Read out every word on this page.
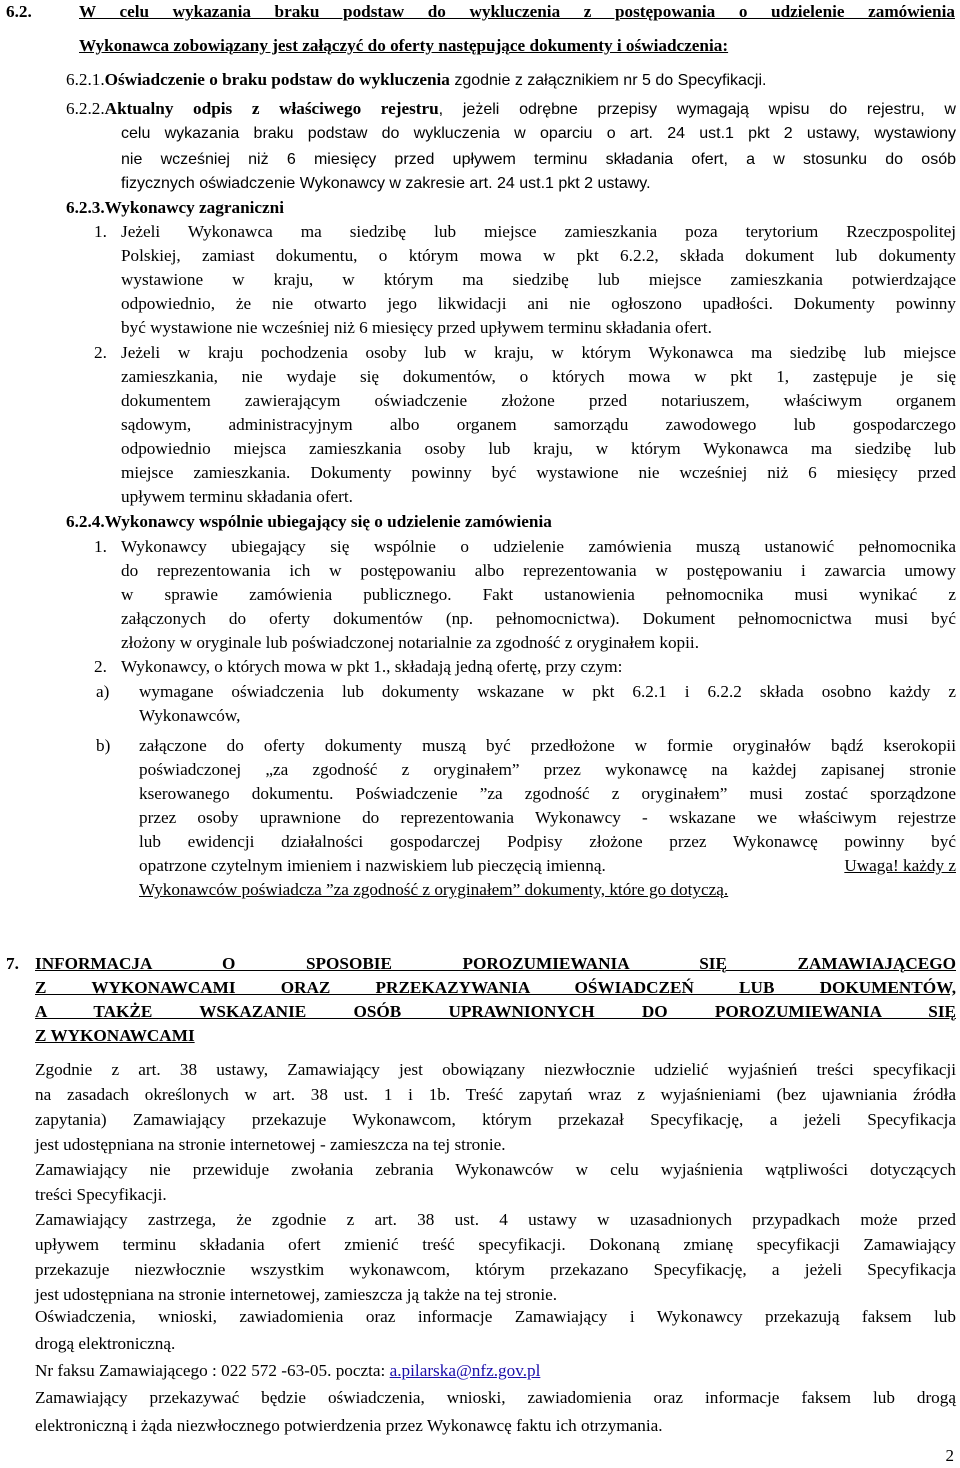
6.2.	W celu wykazania braku podstaw do wykluczenia z postępowania o udzielenie zamówienia
Wykonawca zobowiązany jest załączyć do oferty następujące dokumenty i oświadczenia:
6.2.1.Oświadczenie o braku podstaw do wykluczenia zgodnie z załącznikiem nr 5 do Specyfikacji.
6.2.2.Aktualny odpis z właściwego rejestru, jeżeli odrębne przepisy wymagają wpisu do rejestru, w
celu wykazania braku podstaw do wykluczenia w oparciu o art. 24 ust.1 pkt 2 ustawy, wystawiony
nie wcześniej niż 6 miesięcy przed upływem terminu składania ofert, a w stosunku do osób
fizycznych oświadczenie Wykonawcy w zakresie art. 24 ust.1 pkt 2 ustawy.
6.2.3.Wykonawcy zagraniczni
1. Jeżeli Wykonawca ma siedzibę lub miejsce zamieszkania poza terytorium Rzeczpospolitej
Polskiej, zamiast dokumentu, o którym mowa w pkt 6.2.2, składa dokument lub dokumenty
wystawione w kraju, w którym ma siedzibę lub miejsce zamieszkania potwierdzające
odpowiednio, że nie otwarto jego likwidacji ani nie ogłoszono upadłości. Dokumenty powinny
być wystawione nie wcześniej niż 6 miesięcy przed upływem terminu składania ofert.
2. Jeżeli w kraju pochodzenia osoby lub w kraju, w którym Wykonawca ma siedzibę lub miejsce
zamieszkania, nie wydaje się dokumentów, o których mowa w pkt 1, zastępuje je się
dokumentem zawierającym oświadczenie złożone przed notariuszem, właściwym organem
sądowym, administracyjnym albo organem samorządu zawodowego lub gospodarczego
odpowiednio miejsca zamieszkania osoby lub kraju, w którym Wykonawca ma siedzibę lub
miejsce zamieszkania. Dokumenty powinny być wystawione nie wcześniej niż 6 miesięcy przed
upływem terminu składania ofert.
6.2.4.Wykonawcy wspólnie ubiegający się o udzielenie zamówienia
1. Wykonawcy ubiegający się wspólnie o udzielenie zamówienia muszą ustanowić pełnomocnika
do reprezentowania ich w postępowaniu albo reprezentowania w postępowaniu i zawarcia umowy
w sprawie zamówienia publicznego. Fakt ustanowienia pełnomocnika musi wynikać z
załączonych do oferty dokumentów (np. pełnomocnictwa). Dokument pełnomocnictwa musi być
złożony w oryginale lub poświadczonej notarialnie za zgodność z oryginałem kopii.
2. Wykonawcy, o których mowa w pkt 1., składają jedną ofertę, przy czym:
a) wymagane oświadczenia lub dokumenty wskazane w pkt 6.2.1 i 6.2.2 składa osobno każdy z
Wykonawców,
b) załączone do oferty dokumenty muszą być przedłożone w formie oryginałów bądź kserokopii
poświadczonej „za zgodność z oryginałem” przez wykonawcę na każdej zapisanej stronie
kserowanego dokumentu. Poświadczenie ”za zgodność z oryginałem” musi zostać sporządzone
przez osoby uprawnione do reprezentowania Wykonawcy - wskazane we właściwym rejestrze
lub ewidencji działalności gospodarczej Podpisy złożone przez Wykonawcę powinny być
opatrzone czytelnym imieniem i nazwiskiem lub pieczęcią imienną.	Uwaga! każdy z
Wykonawców poświadcza ”za zgodność z oryginałem” dokumenty, które go dotyczą.
7. INFORMACJA O SPOSOBIE POROZUMIEWANIA SIĘ ZAMAWIAJĄCEGO
Z WYKONAWCAMI ORAZ PRZEKAZYWANIA OŚWIADCZEŃ LUB DOKUMENTÓW,
A TAKŻE WSKAZANIE OSÓB UPRAWNIONYCH DO POROZUMIEWANIA SIĘ
Z WYKONAWCAMI
Zgodnie z art. 38 ustawy, Zamawiający jest obowiązany niezwłocznie udzielić wyjaśnień treści specyfikacji
na zasadach określonych w art. 38 ust. 1 i 1b. Treść zapytań wraz z wyjaśnieniami (bez ujawniania źródła
zapytania) Zamawiający przekazuje Wykonawcom, którym przekazał Specyfikację, a jeżeli Specyfikacja
jest udostępniana na stronie internetowej - zamieszcza na tej stronie.
Zamawiający nie przewiduje zwołania zebrania Wykonawców w celu wyjaśnienia wątpliwości dotyczących
treści Specyfikacji.
Zamawiający zastrzega, że zgodnie z art. 38 ust. 4 ustawy w uzasadnionych przypadkach może przed
upływem terminu składania ofert zmienić treść specyfikacji. Dokonaną zmianę specyfikacji Zamawiający
przekazuje niezwłocznie wszystkim wykonawcom, którym przekazano Specyfikację, a jeżeli Specyfikacja
jest udostępniana na stronie internetowej, zamieszcza ją także na tej stronie.
Oświadczenia, wnioski, zawiadomienia oraz informacje Zamawiający i Wykonawcy przekazują faksem lub
drogą elektroniczną.
Nr faksu Zamawiającego : 022 572 -63-05. poczta: a.pilarska@nfz.gov.pl
Zamawiający przekazywać będzie oświadczenia, wnioski, zawiadomienia oraz informacje faksem lub drogą
elektroniczną i żąda niezwłocznego potwierdzenia przez Wykonawcę faktu ich otrzymania.
2
